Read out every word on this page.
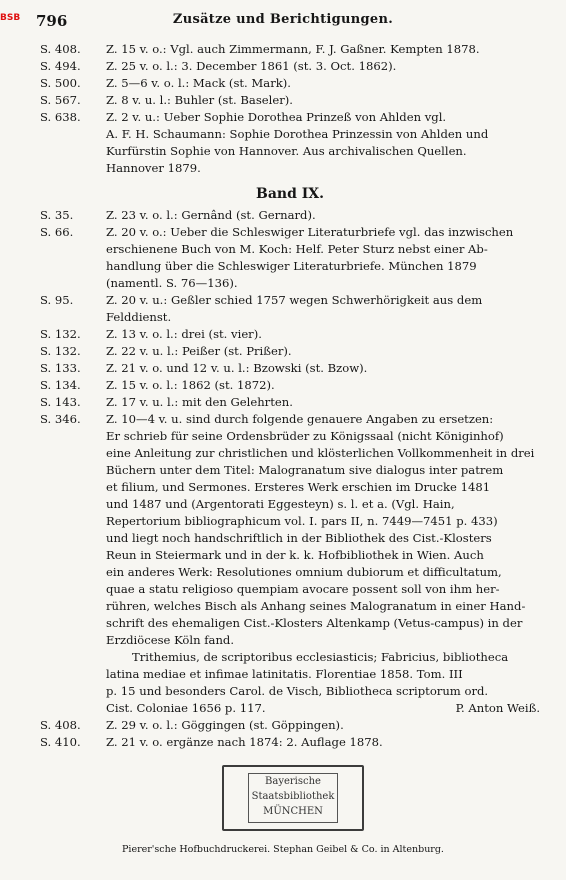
BSB 796	Zusätze und Berichtigungen.
S. 408.	Z. 15 v. o.: Vgl. auch Zimmermann, F. J. Gaßner. Kempten 1878.
S. 494.	Z. 25 v. o. l.: 3. December 1861 (st. 3. Oct. 1862).
S. 500.	Z. 5—6 v. o. l.: Mack (st. Mark).
S. 567.	Z. 8 v. u. l.: Buhler (st. Baseler).
S. 638.	Z. 2 v. u.: Ueber Sophie Dorothea Prinzeß von Ahlden vgl.
A. F. H. Schaumann: Sophie Dorothea Prinzessin von Ahlden und
Kurfürstin Sophie von Hannover. Aus archivalischen Quellen.
Hannover 1879.
Band IX.
S. 35.	Z. 23 v. o. l.: Gernând (st. Gernard).
S. 66.	Z. 20 v. o.: Ueber die Schleswiger Literaturbriefe vgl. das inzwischen
erschienene Buch von M. Koch: Helf. Peter Sturz nebst einer Ab-
handlung über die Schleswiger Literaturbriefe. München 1879
(namentl. S. 76—136).
S. 95.	Z. 20 v. u.: Geßler schied 1757 wegen Schwerhörigkeit aus dem
Felddienst.
S. 132.	Z. 13 v. o. l.: drei (st. vier).
S. 132.	Z. 22 v. u. l.: Peißer (st. Prißer).
S. 133.	Z. 21 v. o. und 12 v. u. l.: Bzowski (st. Bzow).
S. 134.	Z. 15 v. o. l.: 1862 (st. 1872).
S. 143.	Z. 17 v. u. l.: mit den Gelehrten.
S. 346.	Z. 10—4 v. u. sind durch folgende genauere Angaben zu ersetzen:
Er schrieb für seine Ordensbrüder zu Königssaal (nicht Königinhof)
eine Anleitung zur christlichen und klösterlichen Vollkommenheit in drei
Büchern unter dem Titel: Malogranatum sive dialogus inter patrem
et filium, und Sermones. Ersteres Werk erschien im Drucke 1481
und 1487 und (Argentorati Eggesteyn) s. l. et a. (Vgl. Hain,
Repertorium bibliographicum vol. I. pars II, n. 7449—7451 p. 433)
und liegt noch handschriftlich in der Bibliothek des Cist.-Klosters
Reun in Steiermark und in der k. k. Hofbibliothek in Wien. Auch
ein anderes Werk: Resolutiones omnium dubiorum et difficultatum,
quae a statu religioso quempiam avocare possent soll von ihm her-
rühren, welches Bisch als Anhang seines Malogranatum in einer Hand-
schrift des ehemaligen Cist.-Klosters Altenkamp (Vetus-campus) in der
Erzdiöcese Köln fand.
Trithemius, de scriptoribus ecclesiasticis; Fabricius, bibliotheca
latina mediae et infimae latinitatis. Florentiae 1858. Tom. III
p. 15 und besonders Carol. de Visch, Bibliotheca scriptorum ord.
Cist. Coloniae 1656 p. 117.	P. Anton Weiß.
S. 408.	Z. 29 v. o. l.: Göggingen (st. Göppingen).
S. 410.	Z. 21 v. o. ergänze nach 1874: 2. Auflage 1878.
Bayerische
Staatsbibliothek
MÜNCHEN
Pierer'sche Hofbuchdruckerei. Stephan Geibel & Co. in Altenburg.
